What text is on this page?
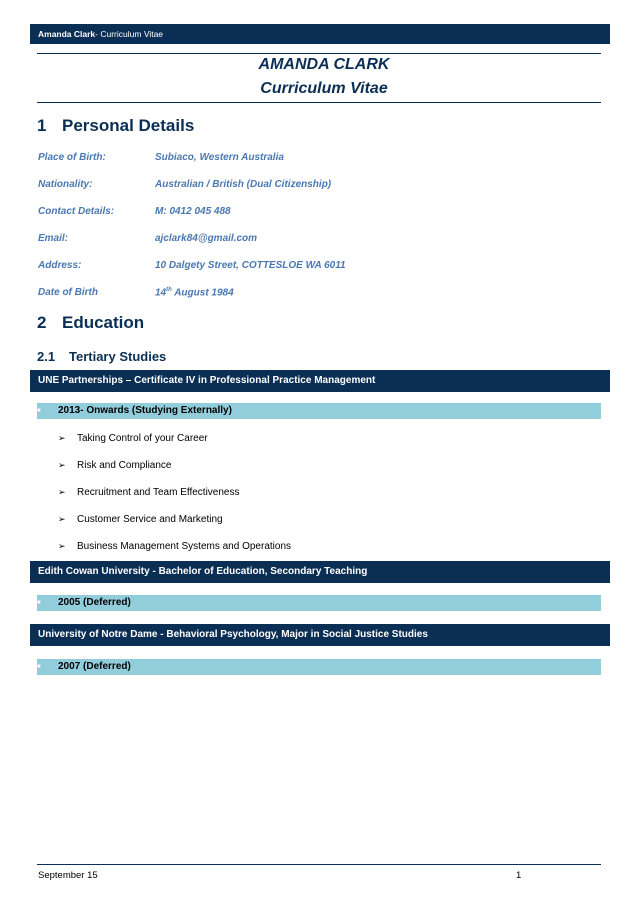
Amanda Clark- Curriculum Vitae
AMANDA CLARK
Curriculum Vitae
1 Personal Details
Place of Birth:	Subiaco, Western Australia
Nationality:	Australian / British (Dual Citizenship)
Contact Details:	M: 0412 045 488
Email:	ajclark84@gmail.com
Address:	10 Dalgety Street, COTTESLOE WA 6011
Date of Birth	14th August 1984
2 Education
2.1 Tertiary Studies
UNE Partnerships – Certificate IV in Professional Practice Management
■ 2013- Onwards (Studying Externally)
➢ Taking Control of your Career
➢ Risk and Compliance
➢ Recruitment and Team Effectiveness
➢ Customer Service and Marketing
➢ Business Management Systems and Operations
Edith Cowan University - Bachelor of Education, Secondary Teaching
■ 2005 (Deferred)
University of Notre Dame - Behavioral Psychology, Major in Social Justice Studies
■ 2007 (Deferred)
September 15	1
